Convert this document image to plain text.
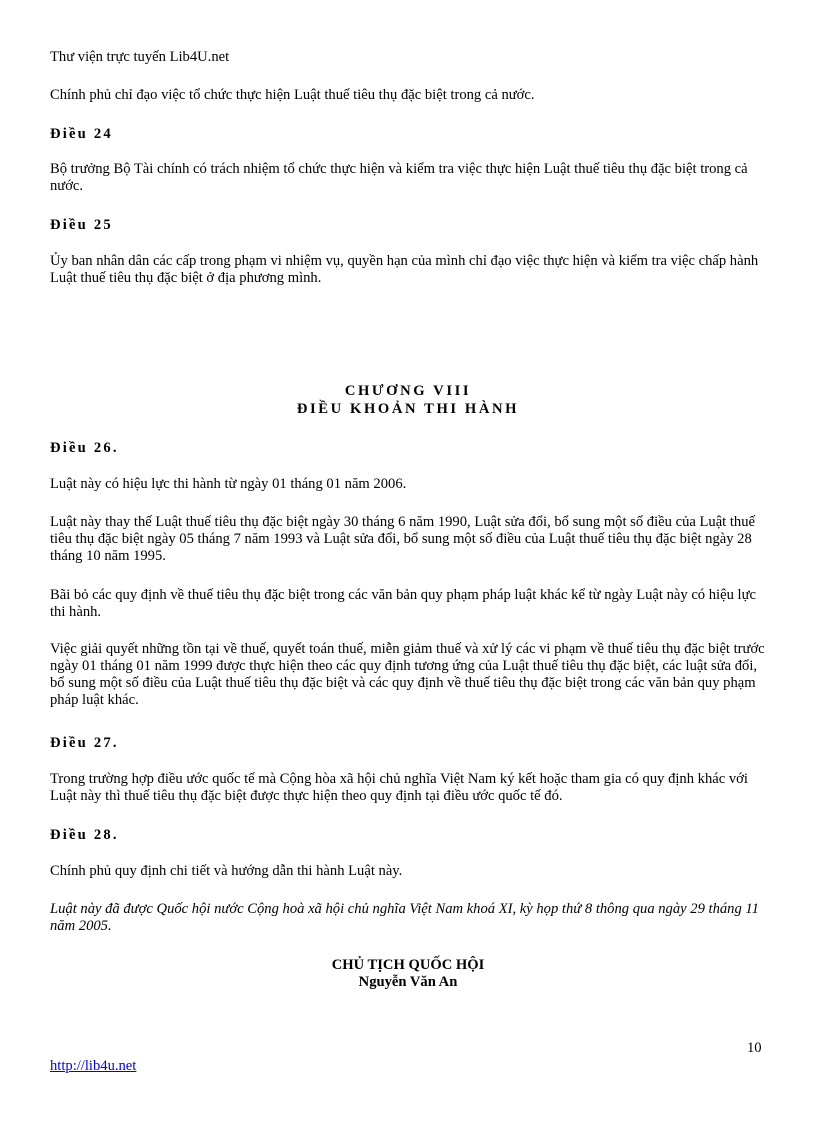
Thư viện trực tuyến Lib4U.net

Chính phủ chỉ đạo việc tổ chức thực hiện Luật thuế tiêu thụ đặc biệt trong cả nước.

Điều 24

Bộ trưởng Bộ Tài chính có trách nhiệm tổ chức thực hiện và kiểm tra việc thực hiện Luật thuế tiêu thụ đặc biệt trong cả nước.

Điều 25

Ủy ban nhân dân các cấp trong phạm vi nhiệm vụ, quyền hạn của mình chỉ đạo việc thực hiện và kiểm tra việc chấp hành Luật thuế tiêu thụ đặc biệt ở địa phương mình.

CHƯƠNG VIII
ĐIỀU KHOẢN THI HÀNH

Điều 26.

Luật này có hiệu lực thi hành từ ngày 01 tháng 01 năm 2006.

Luật này thay thế Luật thuế tiêu thụ đặc biệt ngày 30 tháng 6 năm 1990, Luật sửa đổi, bổ sung một số điều của Luật thuế tiêu thụ đặc biệt ngày 05 tháng 7 năm 1993 và Luật sửa đổi, bổ sung một số điều của Luật thuế tiêu thụ đặc biệt ngày 28 tháng 10 năm 1995.

Bãi bỏ các quy định về thuế tiêu thụ đặc biệt trong các văn bản quy phạm pháp luật khác kể từ ngày Luật này có hiệu lực thi hành.

Việc giải quyết những tồn tại về thuế, quyết toán thuế, miễn giảm thuế và xử lý các vi phạm về thuế tiêu thụ đặc biệt trước ngày 01 tháng 01 năm 1999 được thực hiện theo các quy định tương ứng của Luật thuế tiêu thụ đặc biệt, các luật sửa đổi, bổ sung một số điều của Luật thuế tiêu thụ đặc biệt và các quy định về thuế tiêu thụ đặc biệt trong các văn bản quy phạm pháp luật khác.

Điều 27.

Trong trường hợp điều ước quốc tế mà Cộng hòa xã hội chủ nghĩa Việt Nam ký kết hoặc tham gia có quy định khác với Luật này thì thuế tiêu thụ đặc biệt được thực hiện theo quy định tại điều ước quốc tế đó.

Điều 28.

Chính phủ quy định chi tiết và hướng dẫn thi hành Luật này.

Luật này đã được Quốc hội nước Cộng hoà xã hội chủ nghĩa Việt Nam khoá XI, kỳ họp thứ 8 thông qua ngày 29 tháng 11 năm 2005.

CHỦ TỊCH QUỐC HỘI
Nguyễn Văn An
10
http://lib4u.net
